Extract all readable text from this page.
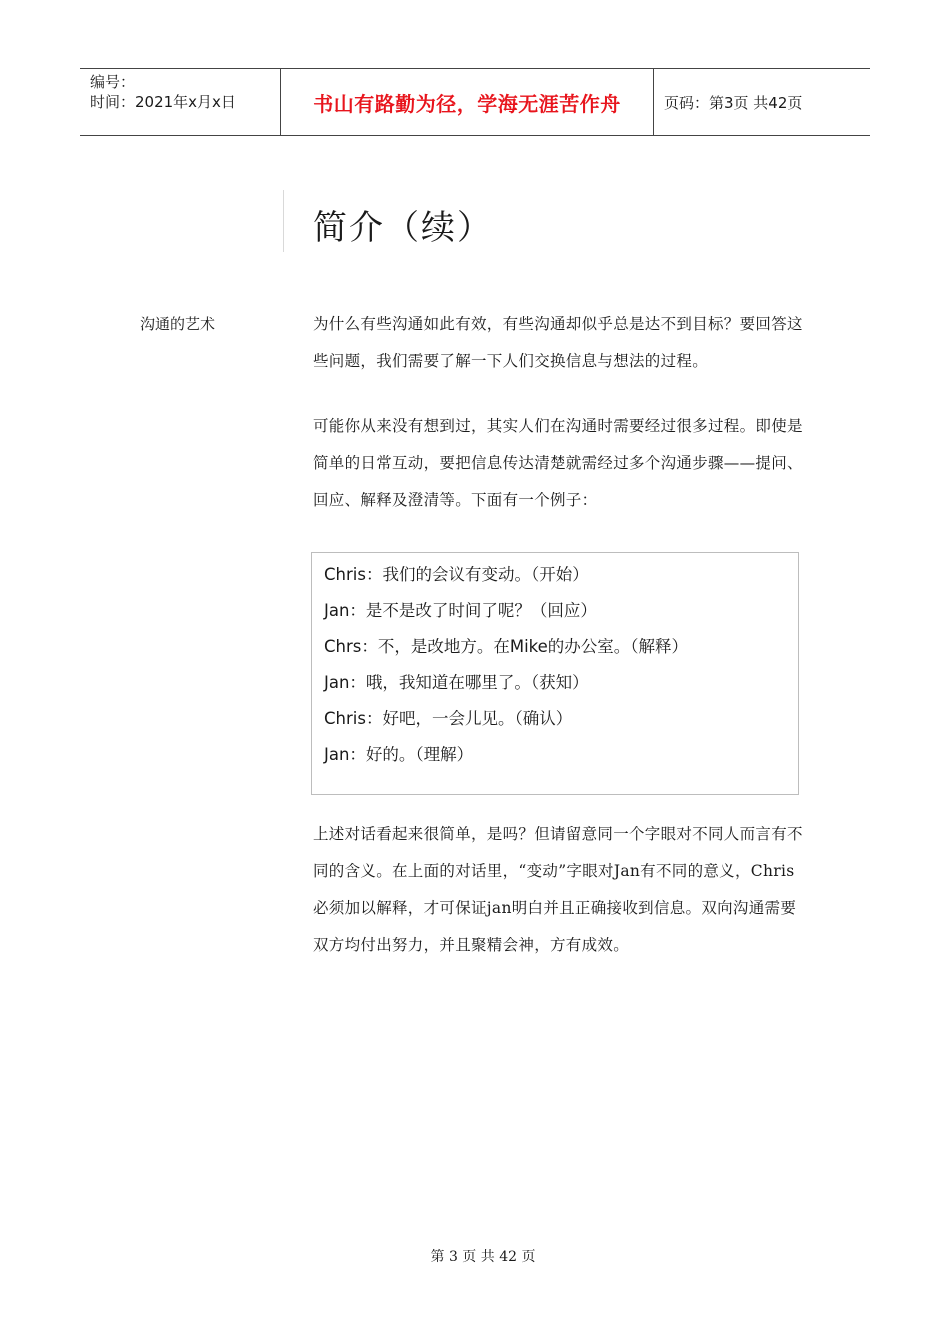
编号：
时间：2021年x月x日	书山有路勤为径，学海无涯苦作舟	页码：第3页 共42页
简介（续）
沟通的艺术	为什么有些沟通如此有效，有些沟通却似乎总是达不到目标？要回答这些问题，我们需要了解一下人们交换信息与想法的过程。

可能你从来没有想到过，其实人们在沟通时需要经过很多过程。即使是简单的日常互动，要把信息传达清楚就需经过多个沟通步骤——提问、回应、解释及澄清等。下面有一个例子：

Chris：我们的会议有变动。（开始）
Jan：是不是改了时间了呢？（回应）
Chrs：不，是改地方。在Mike的办公室。（解释）
Jan：哦，我知道在哪里了。（获知）
Chris：好吧，一会儿见。（确认）
Jan：好的。（理解）

上述对话看起来很简单，是吗？但请留意同一个字眼对不同人而言有不同的含义。在上面的对话里，“变动”字眼对Jan有不同的意义，Chris必须加以解释，才可保证jan明白并且正确接收到信息。双向沟通需要双方均付出努力，并且聚精会神，方有成效。

第 3 页 共 42 页
